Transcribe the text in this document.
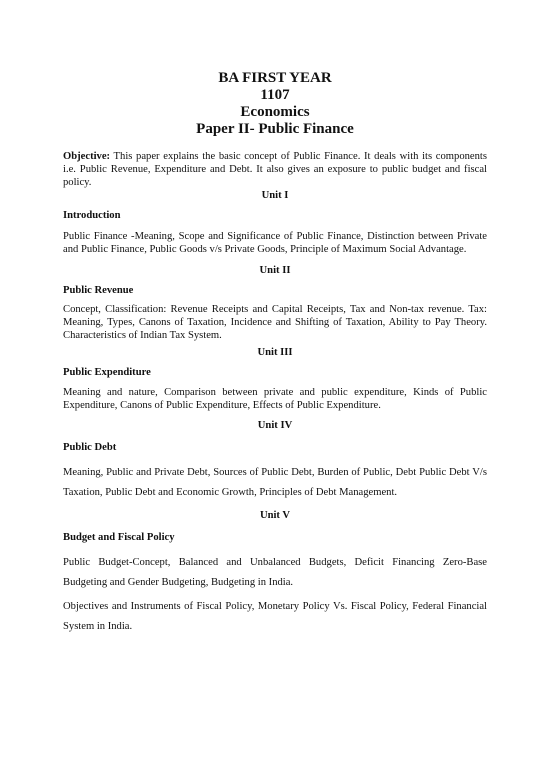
BA FIRST YEAR
1107
Economics
Paper II- Public Finance
Objective: This paper explains the basic concept of Public Finance. It deals with its components i.e. Public Revenue, Expenditure and Debt. It also gives an exposure to public budget and fiscal policy.
Unit I
Introduction
Public Finance -Meaning, Scope and Significance of Public Finance, Distinction between Private and Public Finance, Public Goods v/s Private Goods, Principle of Maximum Social Advantage.
Unit II
Public Revenue
Concept, Classification: Revenue Receipts and Capital Receipts, Tax and Non-tax revenue. Tax: Meaning, Types, Canons of Taxation, Incidence and Shifting of Taxation, Ability to Pay Theory. Characteristics of Indian Tax System.
Unit III
Public Expenditure
Meaning and nature, Comparison between private and public expenditure, Kinds of Public Expenditure, Canons of Public Expenditure, Effects of Public Expenditure.
Unit IV
Public Debt
Meaning, Public and Private Debt, Sources of Public Debt, Burden of Public, Debt Public Debt V/s Taxation, Public Debt and Economic Growth, Principles of Debt Management.
Unit V
Budget and Fiscal Policy
Public Budget-Concept, Balanced and Unbalanced Budgets, Deficit Financing Zero-Base Budgeting and Gender Budgeting, Budgeting in India.
Objectives and Instruments of Fiscal Policy, Monetary Policy Vs. Fiscal Policy, Federal Financial System in India.
